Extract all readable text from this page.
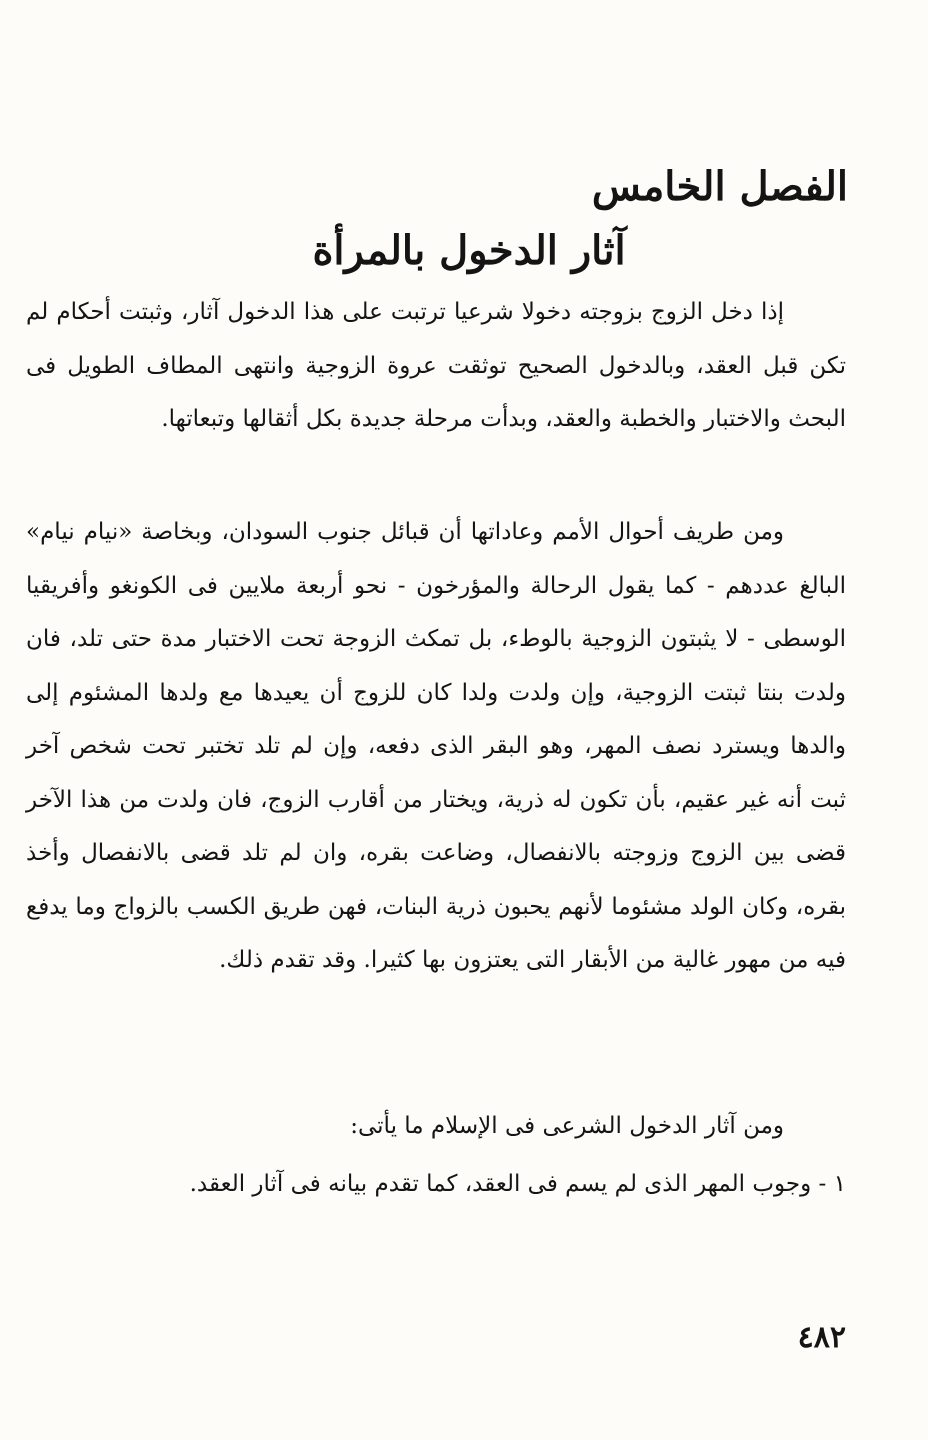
الفصل الخامس
آثار الدخول بالمرأة

إذا دخل الزوج بزوجته دخولا شرعيا ترتبت على هذا الدخول آثار، وثبتت أحكام لم تكن قبل العقد، وبالدخول الصحيح توثقت عروة الزوجية وانتهى المطاف الطويل فى البحث والاختبار والخطبة والعقد، وبدأت مرحلة جديدة بكل أثقالها وتبعاتها.

ومن طريف أحوال الأمم وعاداتها أن قبائل جنوب السودان، وبخاصة «نيام نيام» البالغ عددهم - كما يقول الرحالة والمؤرخون - نحو أربعة ملايين فى الكونغو وأفريقيا الوسطى - لا يثبتون الزوجية بالوطء، بل تمكث الزوجة تحت الاختبار مدة حتى تلد، فان ولدت بنتا ثبتت الزوجية، وإن ولدت ولدا كان للزوج أن يعيدها مع ولدها المشئوم إلى والدها ويسترد نصف المهر، وهو البقر الذى دفعه، وإن لم تلد تختبر تحت شخص آخر ثبت أنه غير عقيم، بأن تكون له ذرية، ويختار من أقارب الزوج، فان ولدت من هذا الآخر قضى بين الزوج وزوجته بالانفصال، وضاعت بقره، وان لم تلد قضى بالانفصال وأخذ بقره، وكان الولد مشئوما لأنهم يحبون ذرية البنات، فهن طريق الكسب بالزواج وما يدفع فيه من مهور غالية من الأبقار التى يعتزون بها كثيرا. وقد تقدم ذلك.

ومن آثار الدخول الشرعى فى الإسلام ما يأتى:

١ - وجوب المهر الذى لم يسم فى العقد، كما تقدم بيانه فى آثار العقد.

٤٨٢
